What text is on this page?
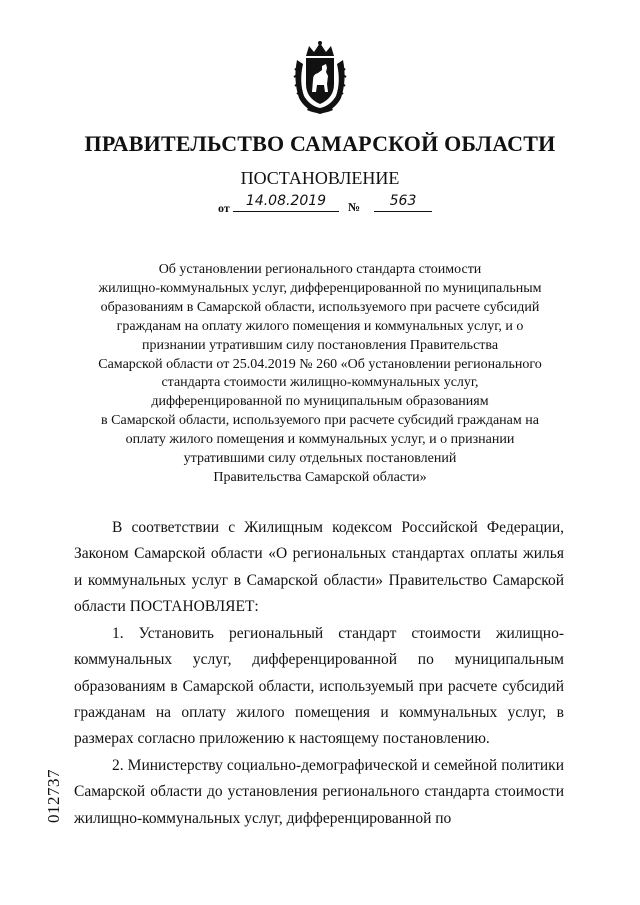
ПРАВИТЕЛЬСТВО САМАРСКОЙ ОБЛАСТИ
ПОСТАНОВЛЕНИЕ
от	14.08.2019	№	563
Об установлении регионального стандарта стоимости
жилищно-коммунальных услуг, дифференцированной по муниципальным
образованиям в Самарской области, используемого при расчете субсидий
гражданам на оплату жилого помещения и коммунальных услуг, и о
признании утратившим силу постановления Правительства
Самарской области от 25.04.2019 № 260 «Об установлении регионального
стандарта стоимости жилищно-коммунальных услуг,
дифференцированной по муниципальным образованиям
в Самарской области, используемого при расчете субсидий гражданам на
оплату жилого помещения и коммунальных услуг, и о признании
утратившими силу отдельных постановлений
Правительства Самарской области»

В соответствии с Жилищным кодексом Российской Федерации, Законом Самарской области «О региональных стандартах оплаты жилья и коммунальных услуг в Самарской области» Правительство Самарской области ПОСТАНОВЛЯЕТ:

1. Установить региональный стандарт стоимости жилищно-коммунальных услуг, дифференцированной по муниципальным образованиям в Самарской области, используемый при расчете субсидий гражданам на оплату жилого помещения и коммунальных услуг, в размерах согласно приложению к настоящему постановлению.

2. Министерству социально-демографической и семейной политики Самарской области до установления регионального стандарта стоимости жилищно-коммунальных услуг, дифференцированной по

012737
